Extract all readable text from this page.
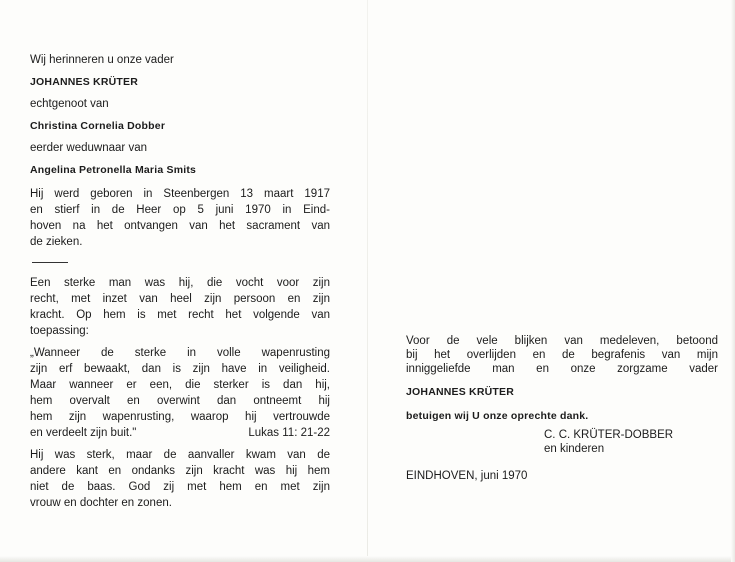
Wij herinneren u onze vader

JOHANNES KRÜTER

echtgenoot van

Christina Cornelia Dobber

eerder weduwnaar van

Angelina Petronella Maria Smits

Hij werd geboren in Steenbergen 13 maart 1917
en stierf in de Heer op 5 juni 1970 in Eind-
hoven na het ontvangen van het sacrament van
de zieken.
Een sterke man was hij, die vocht voor zijn
recht, met inzet van heel zijn persoon en zijn
kracht. Op hem is met recht het volgende van
toepassing:
„Wanneer de sterke in volle wapenrusting
zijn erf bewaakt, dan is zijn have in veiligheid.
Maar wanneer er een, die sterker is dan hij,
hem overvalt en overwint dan ontneemt hij
hem zijn wapenrusting, waarop hij vertrouwde
en verdeelt zijn buit."	Lukas 11: 21-22
Hij was sterk, maar de aanvaller kwam van de
andere kant en ondanks zijn kracht was hij hem
niet de baas. God zij met hem en met zijn
vrouw en dochter en zonen.
Voor de vele blijken van medeleven, betoond
bij het overlijden en de begrafenis van mijn
inniggeliefde man en onze zorgzame vader

JOHANNES KRÜTER

betuigen wij U onze oprechte dank.

C. C. KRÜTER-DOBBER
en kinderen

EINDHOVEN, juni 1970
